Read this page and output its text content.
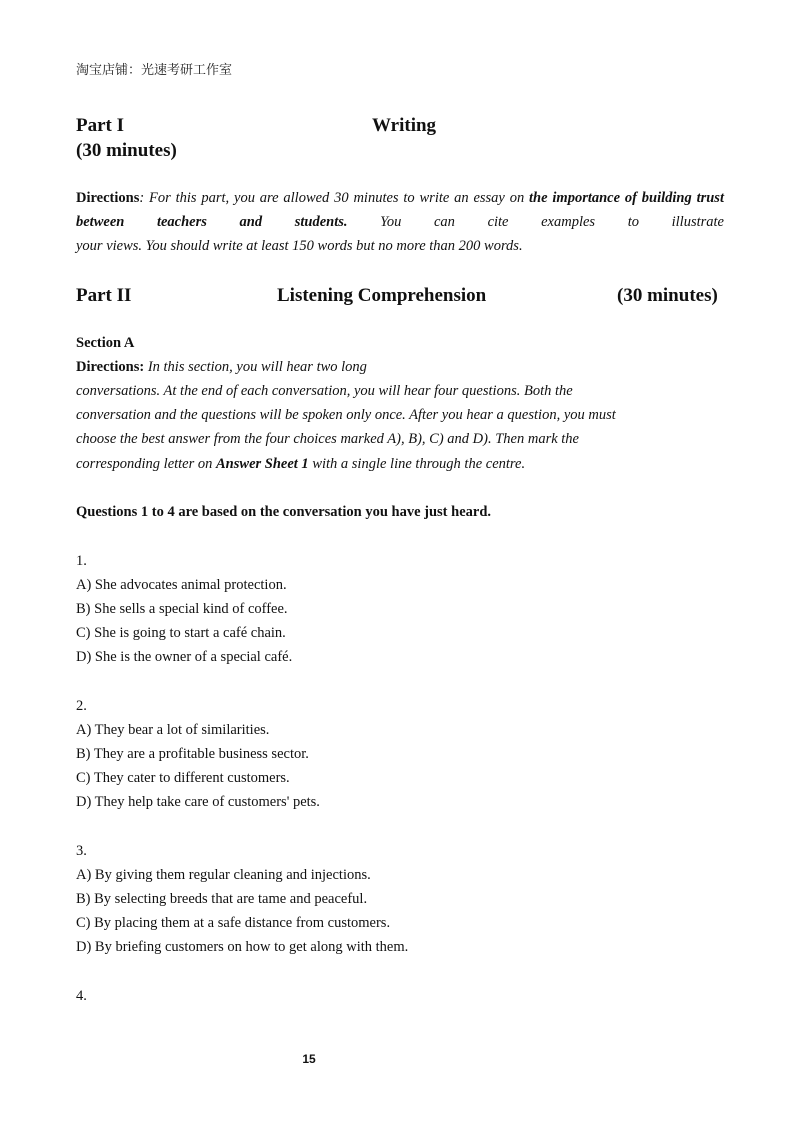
淘宝店铺：光速考研工作室
Part I	Writing
(30 minutes)
Directions: For this part, you are allowed 30 minutes to write an essay on the importance of building trust
between teachers and students. You can cite examples to illustrate
your views. You should write at least 150 words but no more than 200 words.
Part II	Listening Comprehension	(30 minutes)
Section A
Directions: In this section, you will hear two long
conversations. At the end of each conversation, you will hear four questions. Both the
conversation and the questions will be spoken only once. After you hear a question, you must
choose the best answer from the four choices marked A), B), C) and D). Then mark the
corresponding letter on Answer Sheet 1 with a single line through the centre.
Questions 1 to 4 are based on the conversation you have just heard.
1.
A) She advocates animal protection.
B) She sells a special kind of coffee.
C) She is going to start a café chain.
D) She is the owner of a special café.
2.
A) They bear a lot of similarities.
B) They are a profitable business sector.
C) They cater to different customers.
D) They help take care of customers' pets.
3.
A) By giving them regular cleaning and injections.
B) By selecting breeds that are tame and peaceful.
C) By placing them at a safe distance from customers.
D) By briefing customers on how to get along with them.
4.
15
